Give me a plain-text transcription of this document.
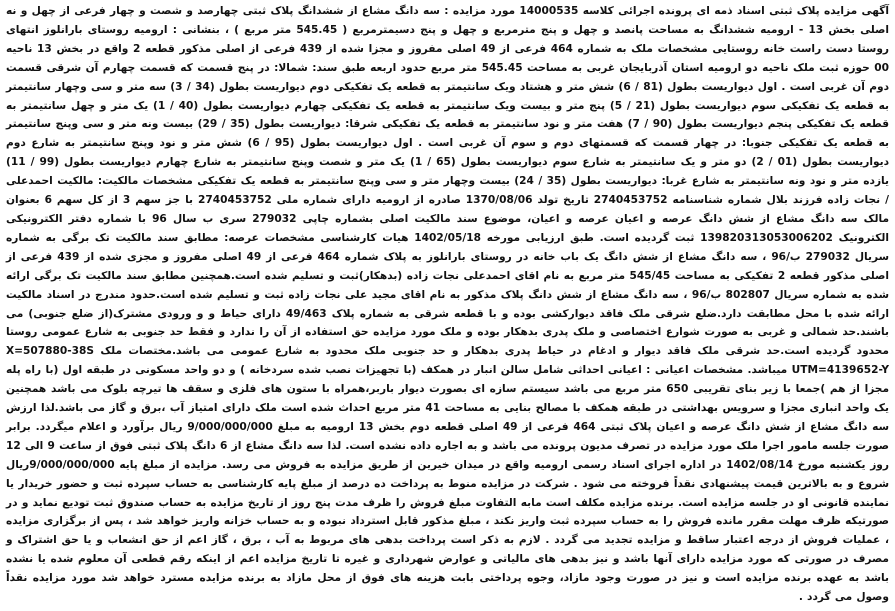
آگهی مزایده پلاک ثبتی اسناد ذمه ای پرونده اجرائی کلاسه 14000535 مورد مزایده : سه دانگ مشاع از ششدانگ پلاک ثبتی چهارصد و شصت و چهار فرعی از چهل و نه اصلی بخش 13 - ارومیه ششدانگ به مساحت پانصد و چهل و پنج مترمربع و چهل و پنج دسیمترمربع ( 545.45 متر مربع ) ، بنشانی : ارومیه روستای بارانلوز انتهای روستا دست راست خانه روستایی مشخصات ملک به شماره 464 فرعی از 49 اصلی مفروز و مجزا شده از 439 فرعی از اصلی مذکور قطعه 2 واقع در بخش 13 ناحیه 00 حوزه ثبت ملک ناحیه دو ارومیه استان آذربایجان غربی به مساحت 545.45 متر مربع حدود اربعه طبق سند: شمالا: در پنج قسمت که قسمت چهارم آن شرقی قسمت دوم آن غربی است . اول دیواریست بطول (81 / 6) شش متر و هشتاد ویک سانتیمتر به قطعه یک تفکیکی دوم دیواریست بطول (34 / 3) سه متر و سی وچهار سانتیمتر به قطعه یک تفکیکی سوم دیواریست بطول (21 / 5) پنج متر و بیست ویک سانتیمتر به قطعه یک تفکیکی چهارم دیواریست بطول (40 / 1) یک متر و چهل سانتیمتر به قطعه یک تفکیکی پنجم دیواریست بطول (90 / 7) هفت متر و نود سانتیمتر به قطعه یک تفکیکی شرقا: دیواریست بطول (35 / 29) بیست ونه متر و سی وپنج سانتیمتر به قطعه یک تفکیکی جنوبا: در چهار قسمت که قسمتهای دوم و سوم آن غربی است . اول دیواریست بطول (95 / 6) شش متر و نود وپنج سانتیمتر به شارع دوم دیواریست بطول (01 / 2) دو متر و یک سانتیمتر به شارع سوم دیواریست بطول (65 / 1) یک متر و شصت وپنج سانتیمتر به شارع چهارم دیواریست بطول (99 / 11) یازده متر و نود ونه سانتیمتر به شارع غربا: دیواریست بطول (35 / 24) بیست وچهار متر و سی وپنج سانتیمتر به قطعه یک تفکیکی مشخصات مالکیت: مالکیت احمدعلی / نجات زاده فرزند بلال شماره شناسنامه 2740453752 تاریخ تولد 1370/08/06 صادره از ارومیه دارای شماره ملی 2740453752 با جز سهم 3 از کل سهم 6 بعنوان مالک سه دانگ مشاع از شش دانگ عرصه و اعیان عرصه و اعیان، موضوع سند مالکیت اصلی بشماره چاپی 279032 سری ب سال 96 با شماره دفتر الکترونیکی الکترونیک 139820313053006202 ثبت گردیده است. طبق ارزیابی مورخه 1402/05/18 هیات کارشناسی مشخصات عرصه: مطابق سند مالکیت تک برگی به شماره سریال 279032 ب/96 ، سه دانگ مشاع از شش دانگ یک باب خانه در روستای بارانلوز به پلاک شماره 464 فرعی از 49 اصلی مفروز و مجزی شده از 439 فرعی از اصلی مذکور قطعه 2 تفکیکی به مساحت 545/45 متر مربع به نام اقای احمدعلی نجات زاده (بدهکار)ثبت و تسلیم شده است.همچنین مطابق سند مالکیت تک برگی ارائه شده به شماره سریال 802807 ب/96 ، سه دانگ مشاع از شش دانگ پلاک مذکور به نام اقای مجید علی نجات زاده ثبت و تسلیم شده است.حدود مندرج در اسناد مالکیت ارائه شده با محل مطابقت دارد.ضلع شرقی ملک فاقد دیوارکشی بوده و با قطعه شرقی به شماره پلاک 49/463 دارای حیاط و و ورودی مشترک(از ضلع جنوبی) می باشند.حد شمالی و غربی به صورت شوارع اختصاصی و ملک پدری بدهکار بوده و ملک مورد مزایده حق استفاده از آن را ندارد و فقط حد جنوبی به شارع عمومی روستا محدود گردیده است.حد شرقی ملک فاقد دیوار و ادغام در حیاط پدری بدهکار و حد جنوبی ملک محدود به شارع عمومی می باشد.مختصات ملک X=507880-38S UTM=4139652-Y میباشد. مشخصات اعیانی : اعیانی احداثی شامل سالن انبار در همکف (با تجهیزات نصب شده سردخانه ) و دو واحد مسکونی در طبقه اول (با راه پله مجزا از هم )جمعا با زیر بنای تقریبی 650 متر مربع می باشد سیستم سازه ای بصورت دیوار باربر،همراه با ستون های فلزی و سقف ها تیرچه بلوک می باشد همچنین یک واحد انباری مجزا و سرویس بهداشتی در طبقه همکف با مصالح بنایی به مساحت 41 متر مربع احداث شده است ملک دارای امتیاز آب ،برق و گاز می باشد.لذا ارزش سه دانگ مشاع از شش دانگ عرصه و اعیان پلاک ثبتی 464 فرعی از 49 اصلی قطعه دوم بخش 13 ارومیه به مبلغ 9/000/000/000 ریال برآورد و اعلام میگردد. برابر صورت جلسه مامور اجرا ملک مورد مزایده در تصرف مدیون پرونده می باشد و به اجاره داده نشده است. لذا سه دانگ مشاع از 6 دانگ پلاک ثبتی فوق از ساعت 9 الی 12 روز یکشنبه مورخ 1402/08/14 در اداره اجرای اسناد رسمی ارومیه واقع در میدان خیرین از طریق مزایده به فروش می رسد. مزایده از مبلغ پایه 9/000/000/000ریال شروع و به بالاترین قیمت پیشنهادی نقداً فروخته می شود . شرکت در مزایده منوط به پرداخت ده درصد از مبلغ پایه کارشناسی به حساب سپرده ثبت و حضور خریدار یا نماینده قانونی او در جلسه مزایده است. برنده مزایده مکلف است مابه التفاوت مبلغ فروش را ظرف مدت پنج روز از تاریخ مزایده به حساب صندوق ثبت تودیع نماید و در صورتیکه ظرف مهلت مقرر مانده فروش را به حساب سپرده ثبت واریز نکند ، مبلغ مذکور قابل استرداد نبوده و به حساب خزانه واریز خواهد شد ، پس از برگزاری مزایده ، عملیات فروش از درجه اعتبار ساقط و مزایده تجدید می گردد . لازم به ذکر است پرداخت بدهی های مربوط به آب ، برق ، گاز اعم از حق انشعاب و یا حق اشتراک و مصرف در صورتی که مورد مزایده دارای آنها باشد و نیز بدهی های مالیاتی و عوارض شهرداری و غیره تا تاریخ مزایده اعم از اینکه رقم قطعی آن معلوم شده یا نشده باشد به عهده برنده مزایده است و نیز در صورت وجود مازاد، وجوه پرداختی بابت هزینه های فوق از محل مازاد به برنده مزایده مسترد خواهد شد مورد مزایده نقداً وصول می گردد .
